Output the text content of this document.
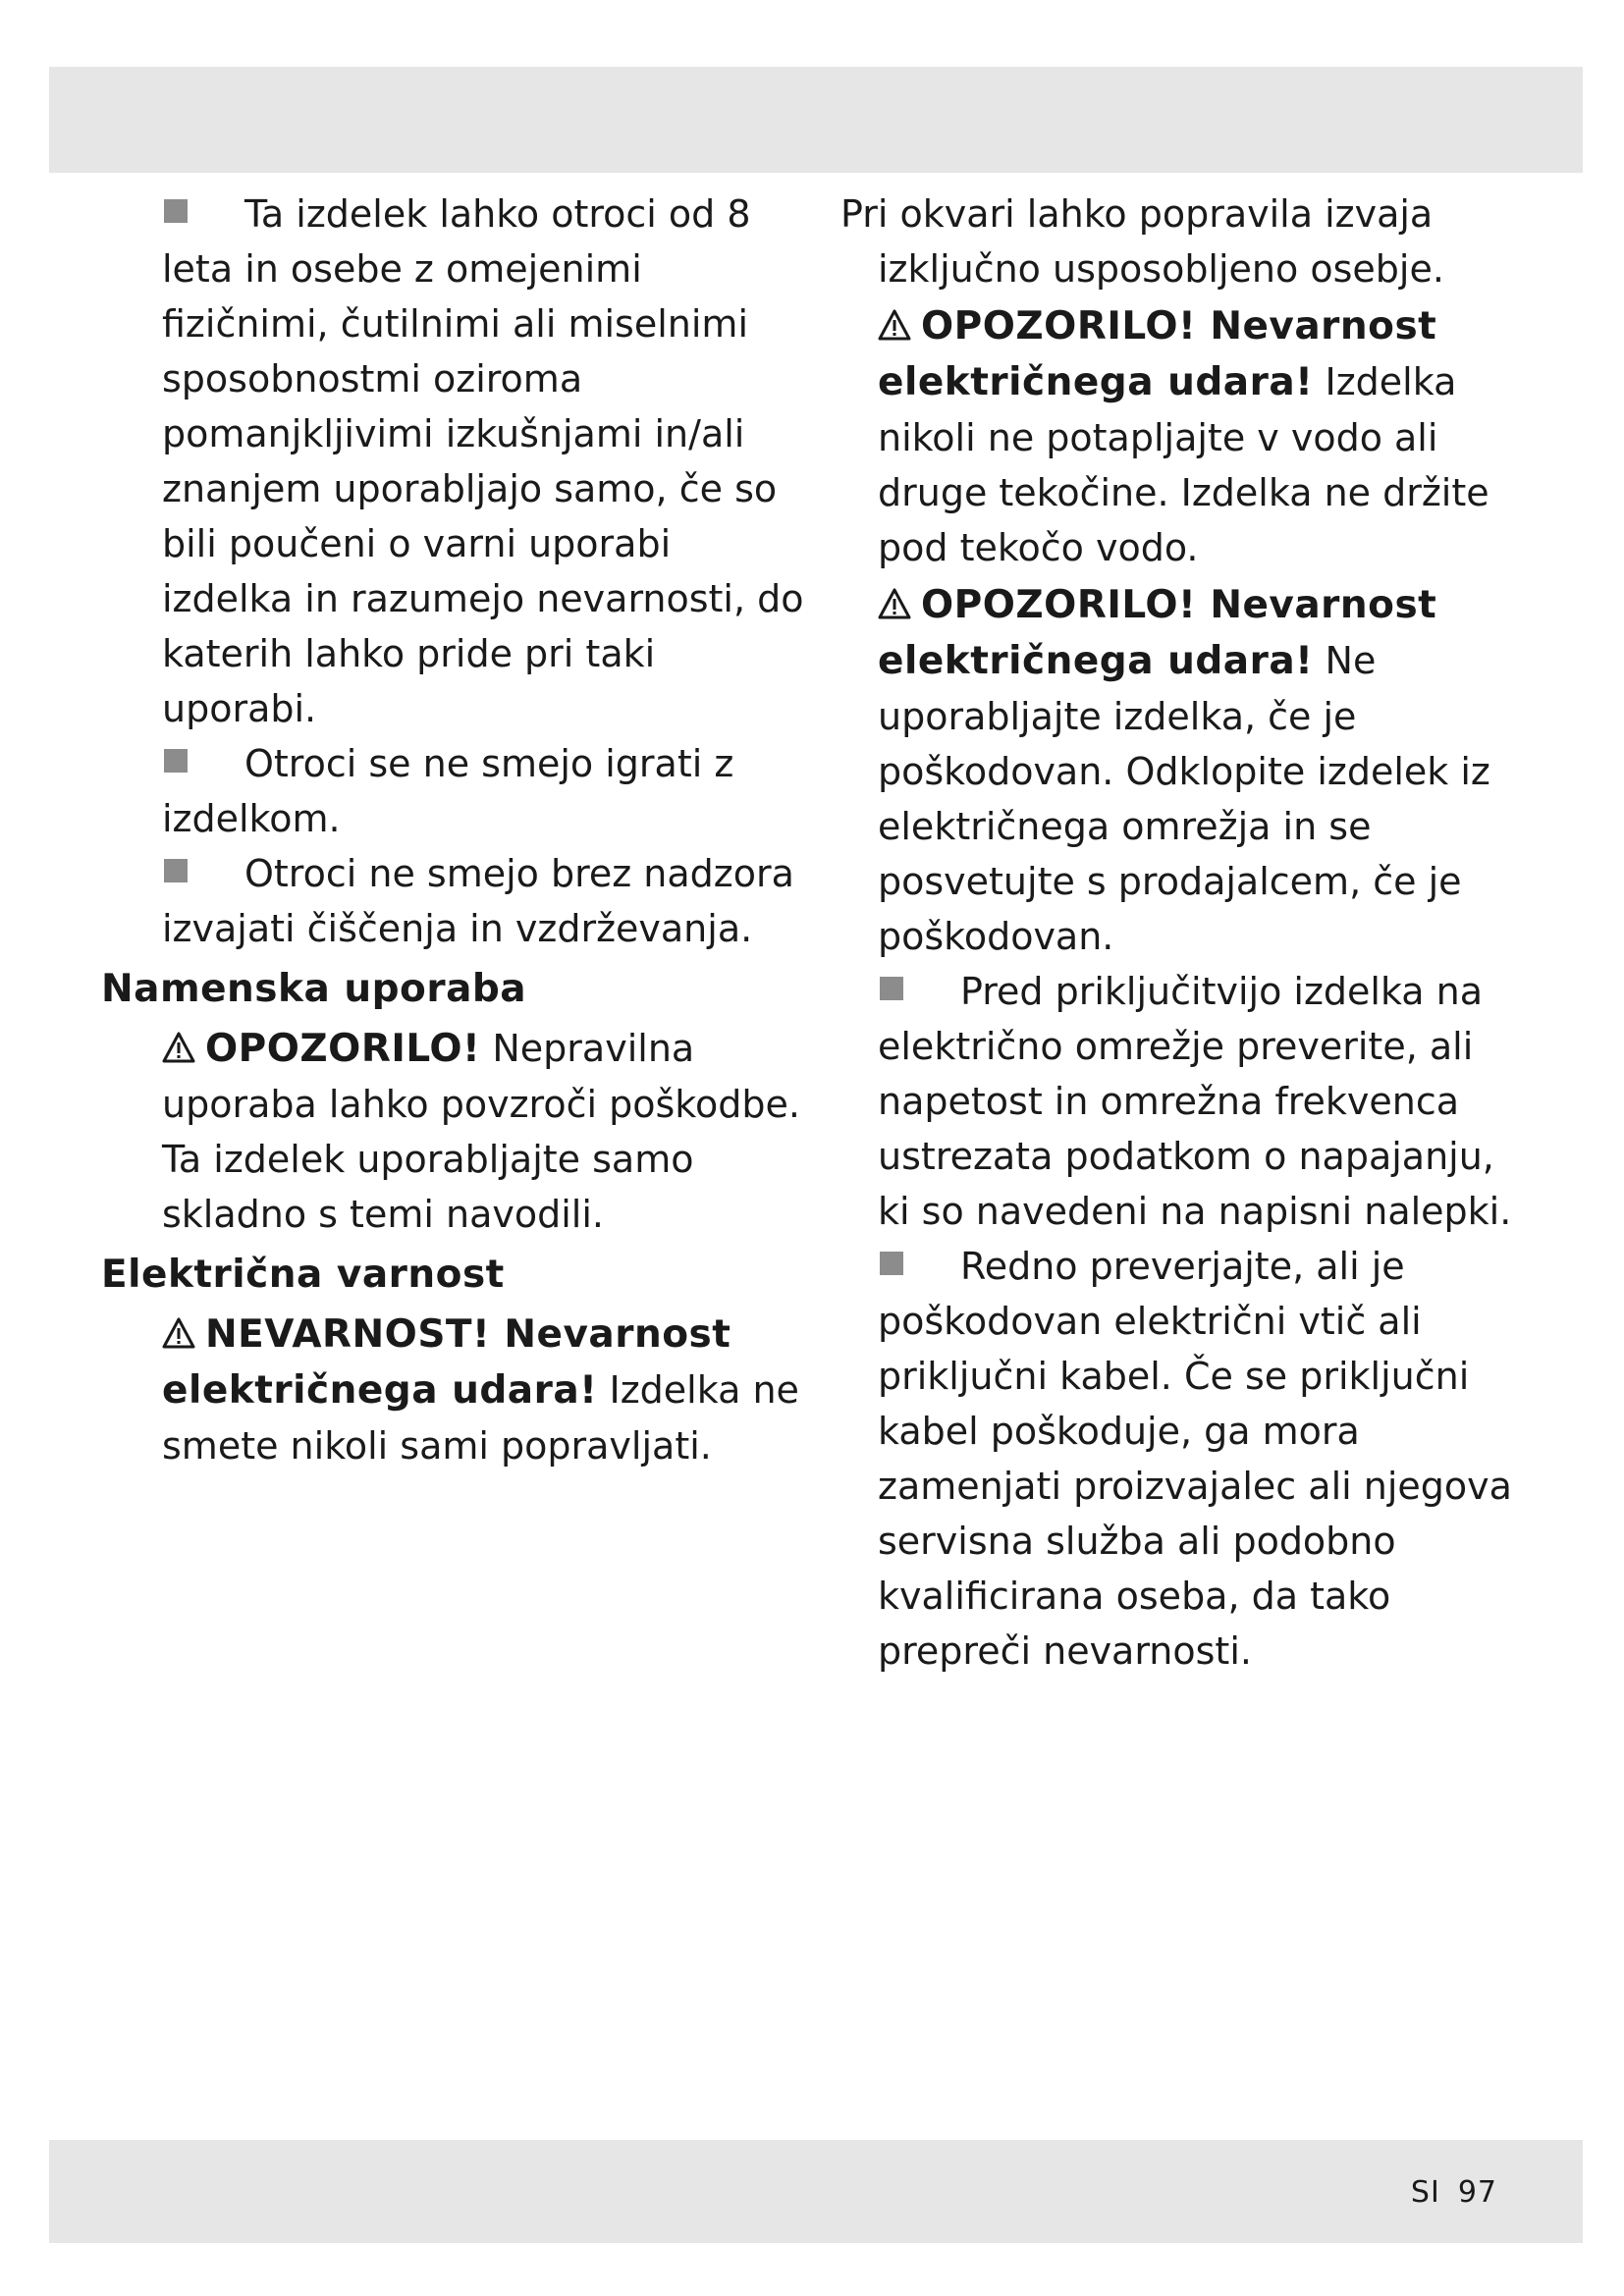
Ta izdelek lahko otroci od 8 leta in osebe z omejenimi fizičnimi, čutilnimi ali miselnimi sposobnostmi oziroma pomanjkljivimi izkušnjami in/ali znanjem uporabljajo samo, če so bili poučeni o varni uporabi izdelka in razumejo nevarnosti, do katerih lahko pride pri taki uporabi.

Otroci se ne smejo igrati z izdelkom.

Otroci ne smejo brez nadzora izvajati čiščenja in vzdrževanja.

Namenska uporaba

OPOZORILO! Nepravilna uporaba lahko povzroči poškodbe. Ta izdelek uporabljajte samo skladno s temi navodili.

Električna varnost

NEVARNOST! Nevarnost električnega udara! Izdelka ne smete nikoli sami popravljati.

Pri okvari lahko popravila izvaja izključno usposobljeno osebje.

OPOZORILO! Nevarnost električnega udara! Izdelka nikoli ne potapljajte v vodo ali druge tekočine. Izdelka ne držite pod tekočo vodo.

OPOZORILO! Nevarnost električnega udara! Ne uporabljajte izdelka, če je poškodovan. Odklopite izdelek iz električnega omrežja in se posvetujte s prodajalcem, če je poškodovan.

Pred priključitvijo izdelka na električno omrežje preverite, ali napetost in omrežna frekvenca ustrezata podatkom o napajanju, ki so navedeni na napisni nalepki.

Redno preverjajte, ali je poškodovan električni vtič ali priključni kabel. Če se priključni kabel poškoduje, ga mora zamenjati proizvajalec ali njegova servisna služba ali podobno kvalificirana oseba, da tako prepreči nevarnosti.

SI 97
